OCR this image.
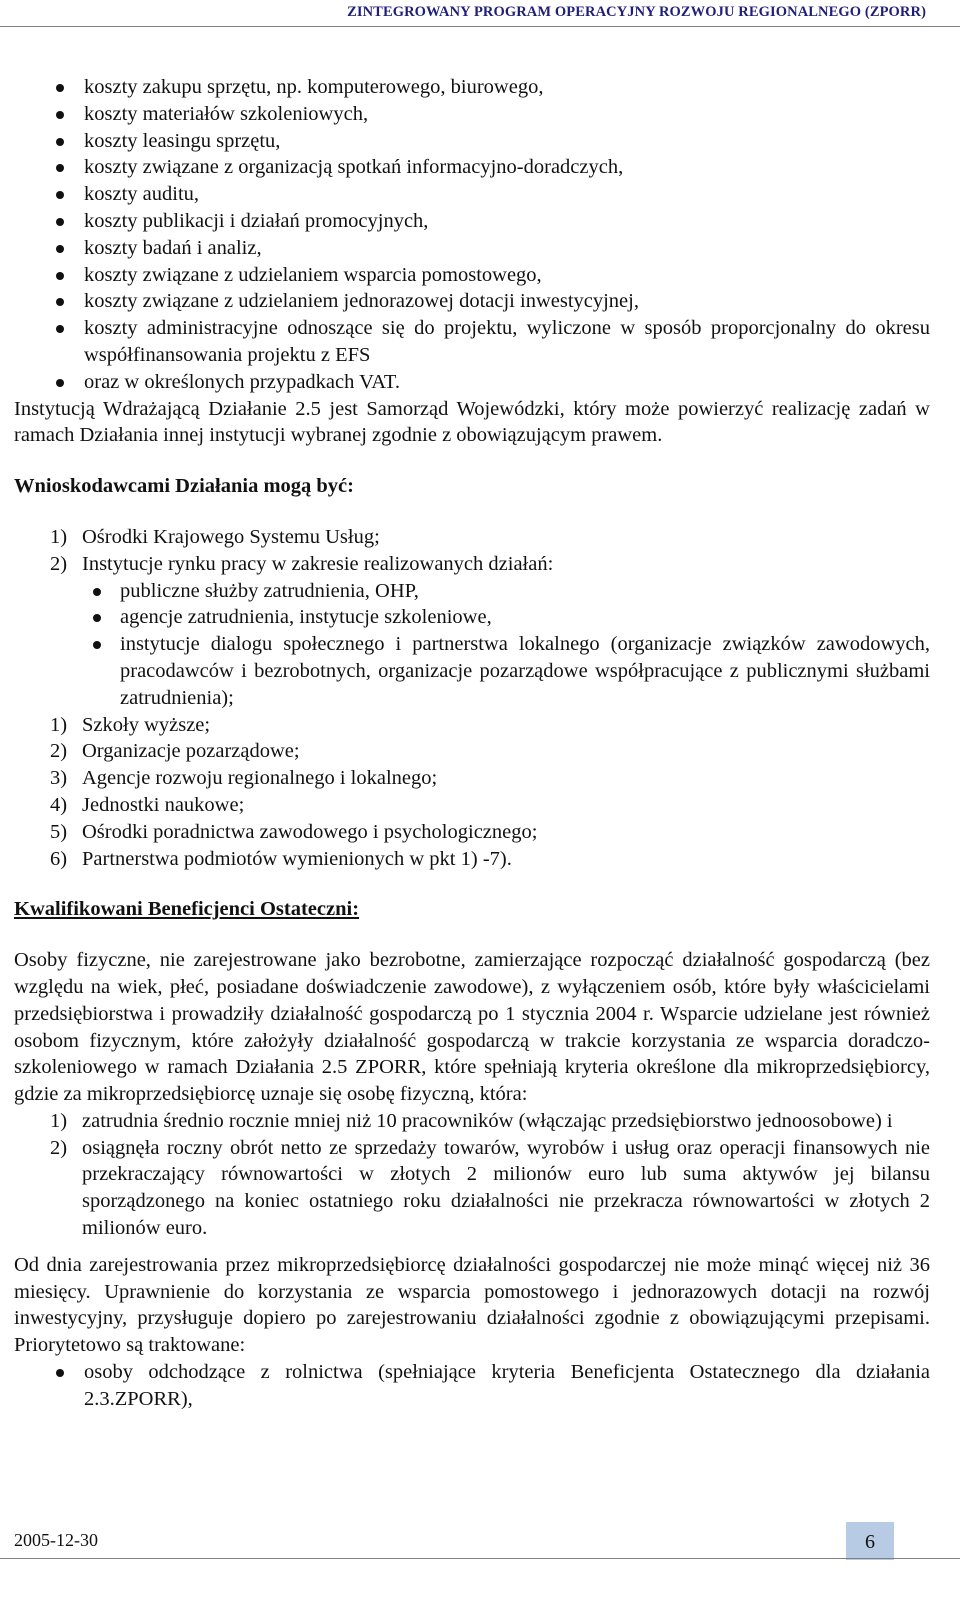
ZINTEGROWANY PROGRAM OPERACYJNY ROZWOJU REGIONALNEGO (ZPORR)
koszty zakupu sprzętu, np. komputerowego, biurowego,
koszty materiałów szkoleniowych,
koszty leasingu sprzętu,
koszty związane z organizacją spotkań informacyjno-doradczych,
koszty auditu,
koszty publikacji i działań promocyjnych,
koszty badań i analiz,
koszty związane z udzielaniem wsparcia pomostowego,
koszty związane z udzielaniem jednorazowej dotacji inwestycyjnej,
koszty administracyjne odnoszące się do projektu, wyliczone w sposób proporcjonalny do okresu współfinansowania projektu z EFS
oraz w określonych przypadkach VAT.

Instytucją Wdrażającą Działanie 2.5 jest Samorząd Wojewódzki, który może powierzyć realizację zadań w ramach Działania innej instytucji wybranej zgodnie z obowiązującym prawem.

Wnioskodawcami Działania mogą być:

1) Ośrodki Krajowego Systemu Usług;
2) Instytucje rynku pracy w zakresie realizowanych działań:
publiczne służby zatrudnienia, OHP,
agencje zatrudnienia, instytucje szkoleniowe,
instytucje dialogu społecznego i partnerstwa lokalnego (organizacje związków zawodowych, pracodawców i bezrobotnych, organizacje pozarządowe współpracujące z publicznymi służbami zatrudnienia);
1) Szkoły wyższe;
2) Organizacje pozarządowe;
3) Agencje rozwoju regionalnego i lokalnego;
4) Jednostki naukowe;
5) Ośrodki poradnictwa zawodowego i psychologicznego;
6) Partnerstwa podmiotów wymienionych w pkt 1) -7).

Kwalifikowani Beneficjenci Ostateczni:

Osoby fizyczne, nie zarejestrowane jako bezrobotne, zamierzające rozpocząć działalność gospodarczą (bez względu na wiek, płeć, posiadane doświadczenie zawodowe), z wyłączeniem osób, które były właścicielami przedsiębiorstwa i prowadziły działalność gospodarczą po 1 stycznia 2004 r. Wsparcie udzielane jest również osobom fizycznym, które założyły działalność gospodarczą w trakcie korzystania ze wsparcia doradczo-szkoleniowego w ramach Działania 2.5 ZPORR, które spełniają kryteria określone dla mikroprzedsiębiorcy, gdzie za mikroprzedsiębiorcę uznaje się osobę fizyczną, która:

1) zatrudnia średnio rocznie mniej niż 10 pracowników (włączając przedsiębiorstwo jednoosobowe) i
2) osiągnęła roczny obrót netto ze sprzedaży towarów, wyrobów i usług oraz operacji finansowych nie przekraczający równowartości w złotych 2 milionów euro lub suma aktywów jej bilansu sporządzonego na koniec ostatniego roku działalności nie przekracza równowartości w złotych 2 milionów euro.

Od dnia zarejestrowania przez mikroprzedsiębiorcę działalności gospodarczej nie może minąć więcej niż 36 miesięcy. Uprawnienie do korzystania ze wsparcia pomostowego i jednorazowych dotacji na rozwój inwestycyjny, przysługuje dopiero po zarejestrowaniu działalności zgodnie z obowiązującymi przepisami. Priorytetowo są traktowane:

osoby odchodzące z rolnictwa (spełniające kryteria Beneficjenta Ostatecznego dla działania 2.3.ZPORR),
2005-12-30	6
